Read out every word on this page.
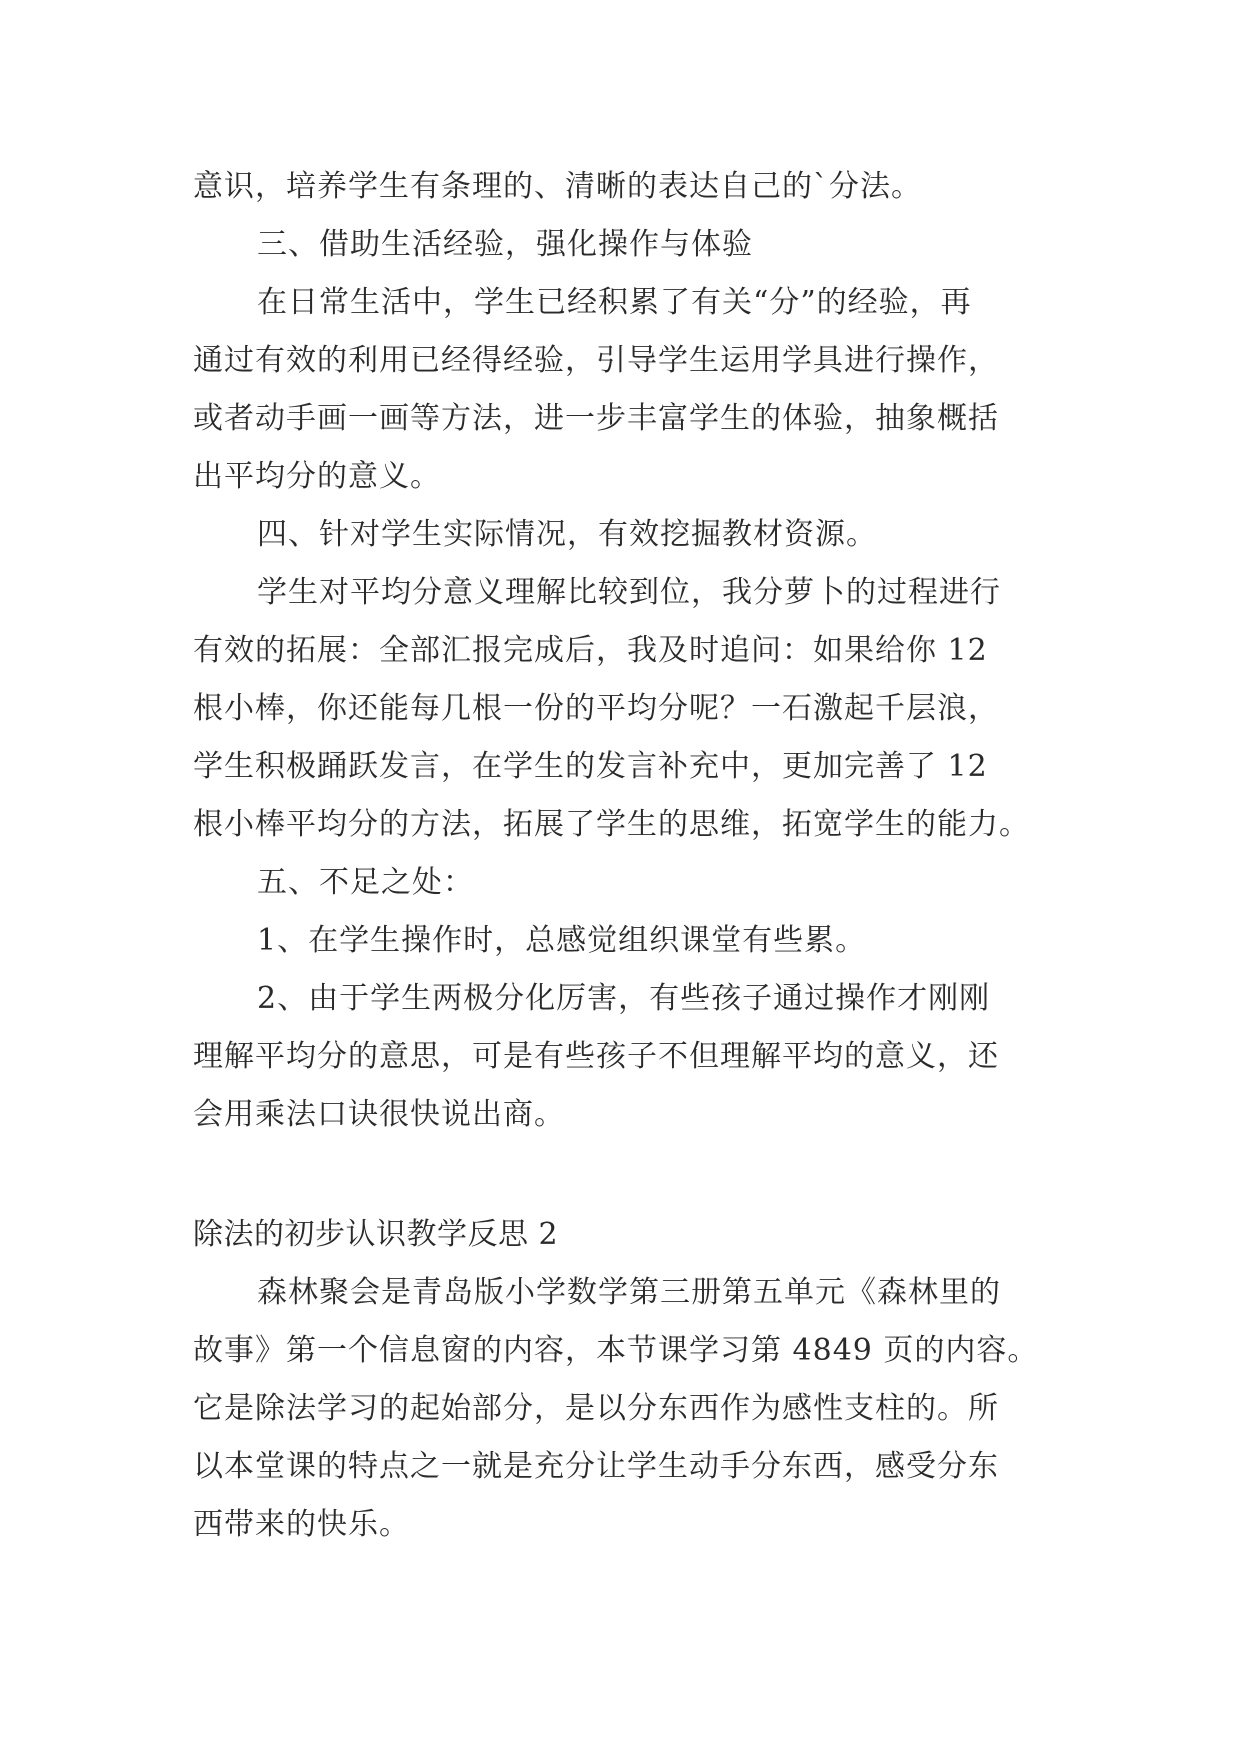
意识，培养学生有条理的、清晰的表达自己的`分法。
三、借助生活经验，强化操作与体验
在日常生活中，学生已经积累了有关“分”的经验，再
通过有效的利用已经得经验，引导学生运用学具进行操作，
或者动手画一画等方法，进一步丰富学生的体验，抽象概括
出平均分的意义。
四、针对学生实际情况，有效挖掘教材资源。
学生对平均分意义理解比较到位，我分萝卜的过程进行
有效的拓展：全部汇报完成后，我及时追问：如果给你 12
根小棒，你还能每几根一份的平均分呢？一石激起千层浪，
学生积极踊跃发言，在学生的发言补充中，更加完善了 12
根小棒平均分的方法，拓展了学生的思维，拓宽学生的能力。
五、不足之处：
1、在学生操作时，总感觉组织课堂有些累。
2、由于学生两极分化厉害，有些孩子通过操作才刚刚
理解平均分的意思，可是有些孩子不但理解平均的意义，还
会用乘法口诀很快说出商。
除法的初步认识教学反思 2
森林聚会是青岛版小学数学第三册第五单元《森林里的
故事》第一个信息窗的内容，本节课学习第 4849 页的内容。
它是除法学习的起始部分，是以分东西作为感性支柱的。所
以本堂课的特点之一就是充分让学生动手分东西，感受分东
西带来的快乐。
